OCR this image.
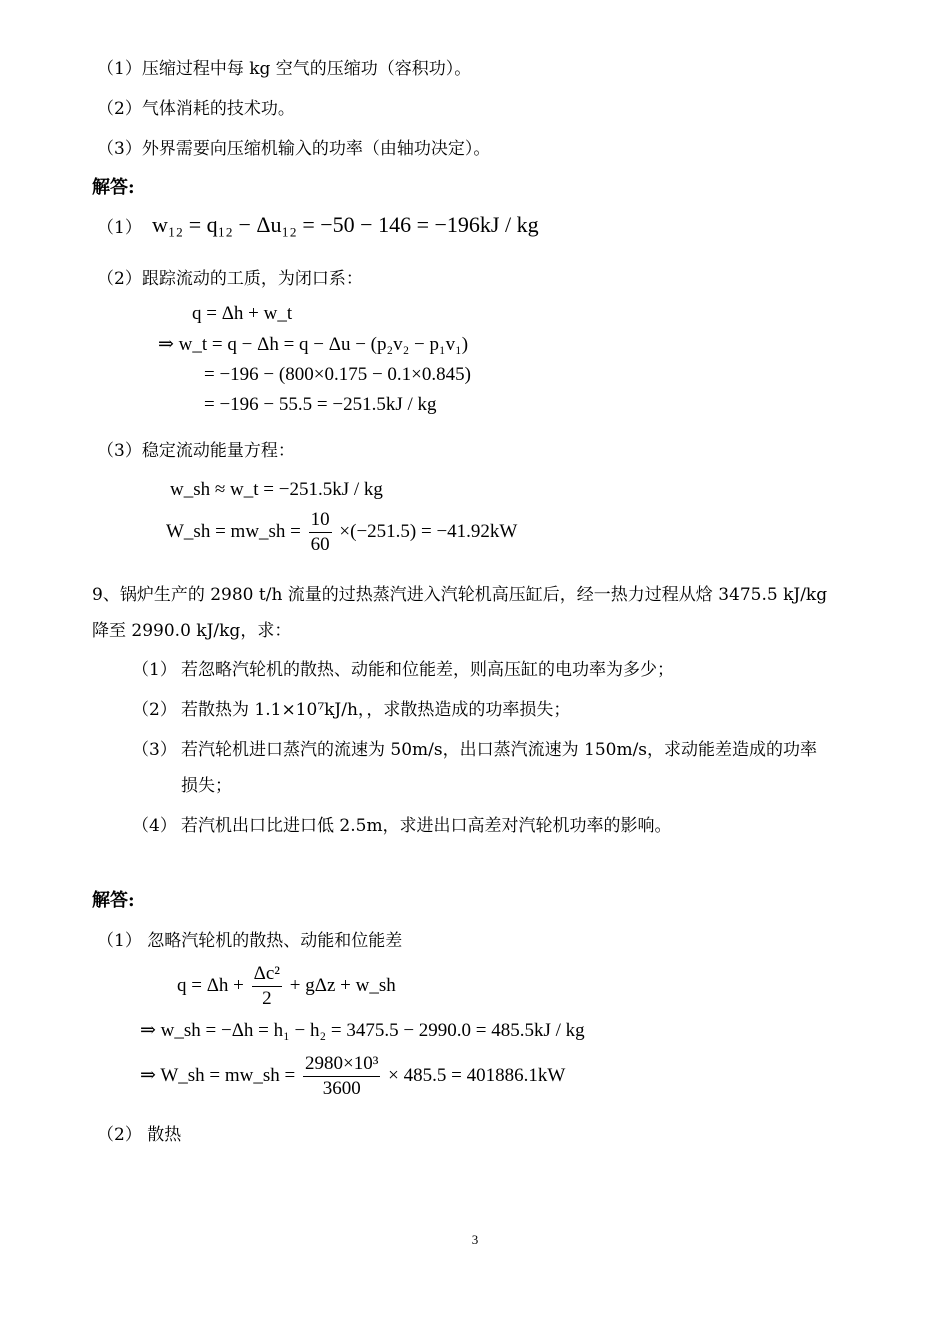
（1）压缩过程中每 kg 空气的压缩功（容积功）。
（2）气体消耗的技术功。
（3）外界需要向压缩机输入的功率（由轴功决定）。
解答:
（1） w₁₂ = q₁₂ − Δu₁₂ = −50 − 146 = −196kJ / kg
（2）跟踪流动的工质，为闭口系：
q = Δh + w_t
⇒ w_t = q − Δh = q − Δu − (p₂v₂ − p₁v₁)
= −196 − (800×0.175 − 0.1×0.845)
= −196 − 55.5 = −251.5kJ / kg
（3）稳定流动能量方程：
w_sh ≈ w_t = −251.5kJ / kg
W_sh = mw_sh = $\frac{10}{60} \times(-251.5) = -41.92kW$
9、锅炉生产的 2980 t/h 流量的过热蒸汽进入汽轮机高压缸后，经一热力过程从焓 3475.5 kJ/kg
降至 2990.0 kJ/kg，求：
（1） 若忽略汽轮机的散热、动能和位能差，则高压缸的电功率为多少；
（2） 若散热为 1.1×10⁷kJ/h，，求散热造成的功率损失；
（3） 若汽轮机进口蒸汽的流速为 50m/s，出口蒸汽流速为 150m/s，求动能差造成的功率
损失；
（4） 若汽机出口比进口低 2.5m，求进出口高差对汽轮机功率的影响。
解答:
（1） 忽略汽轮机的散热、动能和位能差
$q = \Delta h + \frac{\text{Δc²}}{2} + g\Delta z$ + w_sh
⇒ w_sh = −Δh = h₁ − h₂ = 3475.5 − 2990.0 = 485.5kJ / kg
⇒ W_sh = mw_sh = $\frac{\text{2980×10³}}{3600} \times 485.5 = 401886.1kW$
（2） 散热
3
